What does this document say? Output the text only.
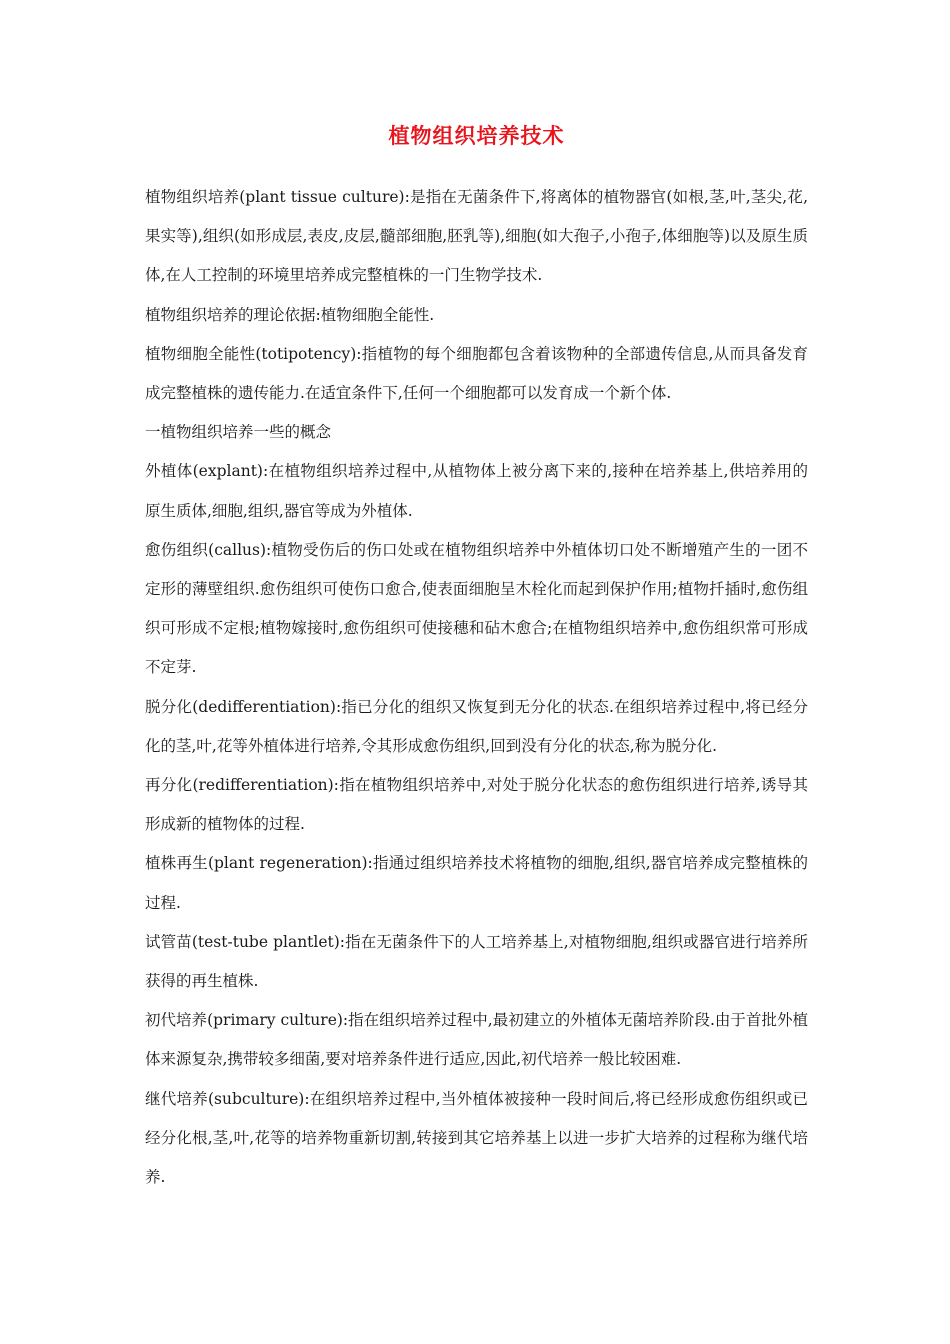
植物组织培养技术

植物组织培养(plant tissue culture):是指在无菌条件下,将离体的植物器官(如根,茎,叶,茎尖,花,果实等),组织(如形成层,表皮,皮层,髓部细胞,胚乳等),细胞(如大孢子,小孢子,体细胞等)以及原生质体,在人工控制的环境里培养成完整植株的一门生物学技术.

植物组织培养的理论依据:植物细胞全能性.

植物细胞全能性(totipotency):指植物的每个细胞都包含着该物种的全部遗传信息,从而具备发育成完整植株的遗传能力.在适宜条件下,任何一个细胞都可以发育成一个新个体.

一植物组织培养一些的概念

外植体(explant):在植物组织培养过程中,从植物体上被分离下来的,接种在培养基上,供培养用的原生质体,细胞,组织,器官等成为外植体.

愈伤组织(callus):植物受伤后的伤口处或在植物组织培养中外植体切口处不断增殖产生的一团不定形的薄壁组织.愈伤组织可使伤口愈合,使表面细胞呈木栓化而起到保护作用;植物扦插时,愈伤组织可形成不定根;植物嫁接时,愈伤组织可使接穗和砧木愈合;在植物组织培养中,愈伤组织常可形成不定芽.

脱分化(dedifferentiation):指已分化的组织又恢复到无分化的状态.在组织培养过程中,将已经分化的茎,叶,花等外植体进行培养,令其形成愈伤组织,回到没有分化的状态,称为脱分化.

再分化(redifferentiation):指在植物组织培养中,对处于脱分化状态的愈伤组织进行培养,诱导其形成新的植物体的过程.

植株再生(plant regeneration):指通过组织培养技术将植物的细胞,组织,器官培养成完整植株的过程.

试管苗(test-tube plantlet):指在无菌条件下的人工培养基上,对植物细胞,组织或器官进行培养所获得的再生植株.

初代培养(primary culture):指在组织培养过程中,最初建立的外植体无菌培养阶段.由于首批外植体来源复杂,携带较多细菌,要对培养条件进行适应,因此,初代培养一般比较困难.

继代培养(subculture):在组织培养过程中,当外植体被接种一段时间后,将已经形成愈伤组织或已经分化根,茎,叶,花等的培养物重新切割,转接到其它培养基上以进一步扩大培养的过程称为继代培养.
